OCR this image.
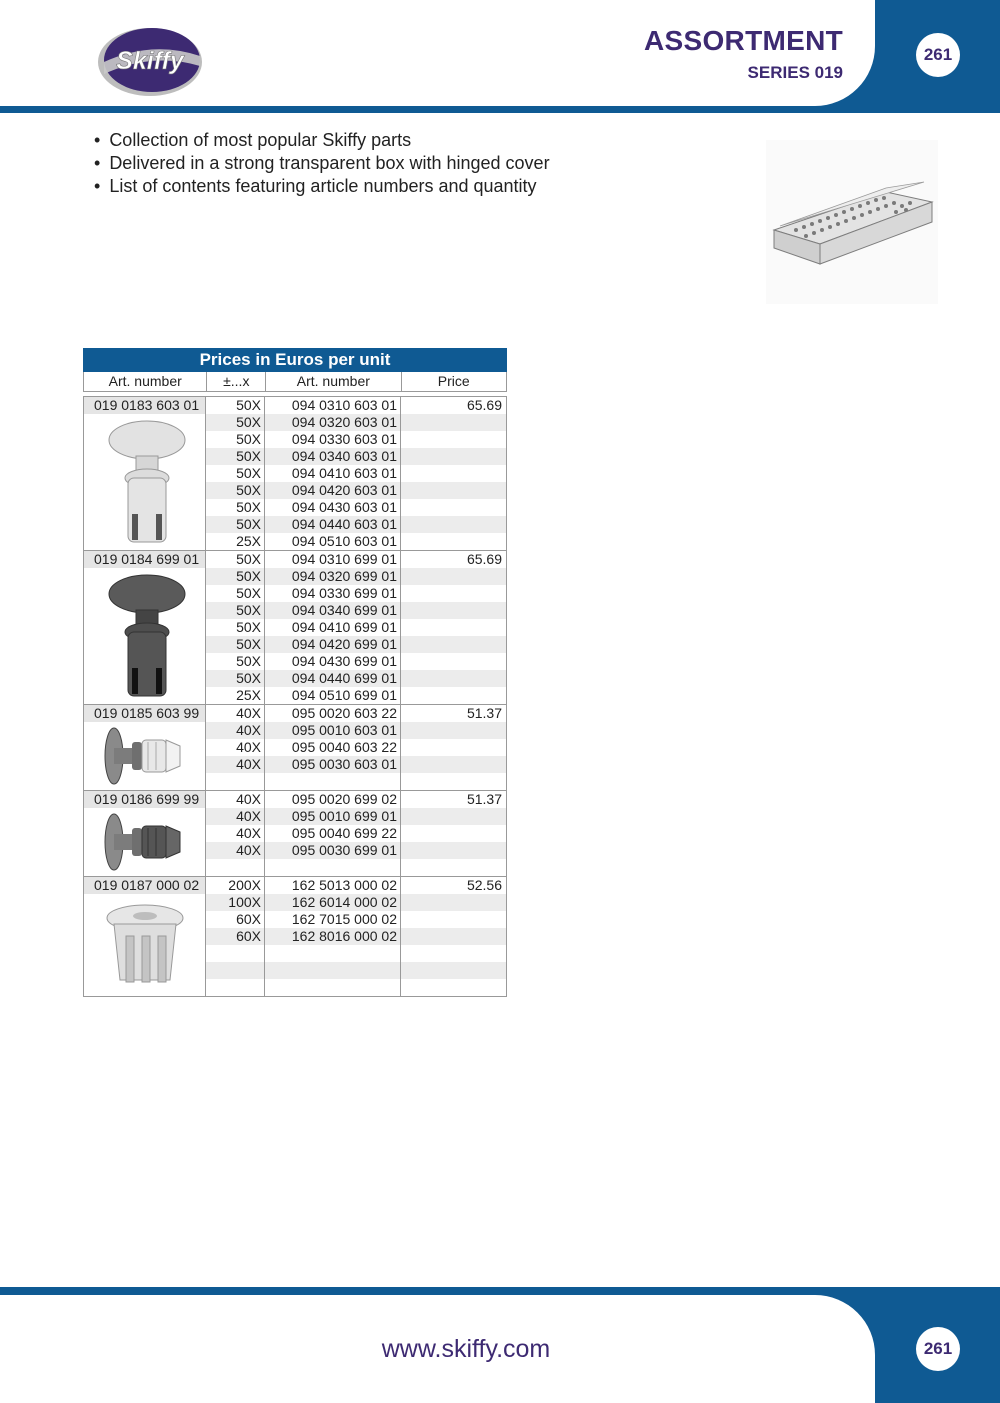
Skiffy
ASSORTMENT
SERIES 019
261
• Collection of most popular Skiffy parts
• Delivered in a strong transparent box with hinged cover
• List of contents featuring article numbers and quantity
Prices in Euros per unit
Art. number	±...x	Art. number	Price
019 0183 603 01	50X	094 0310 603 01	65.69
50X	094 0320 603 01
50X	094 0330 603 01
50X	094 0340 603 01
50X	094 0410 603 01
50X	094 0420 603 01
50X	094 0430 603 01
50X	094 0440 603 01
25X	094 0510 603 01
019 0184 699 01	50X	094 0310 699 01	65.69
50X	094 0320 699 01
50X	094 0330 699 01
50X	094 0340 699 01
50X	094 0410 699 01
50X	094 0420 699 01
50X	094 0430 699 01
50X	094 0440 699 01
25X	094 0510 699 01
019 0185 603 99	40X	095 0020 603 22	51.37
40X	095 0010 603 01
40X	095 0040 603 22
40X	095 0030 603 01
019 0186 699 99	40X	095 0020 699 02	51.37
40X	095 0010 699 01
40X	095 0040 699 22
40X	095 0030 699 01
019 0187 000 02	200X	162 5013 000 02	52.56
100X	162 6014 000 02
60X	162 7015 000 02
60X	162 8016 000 02
www.skiffy.com	261
